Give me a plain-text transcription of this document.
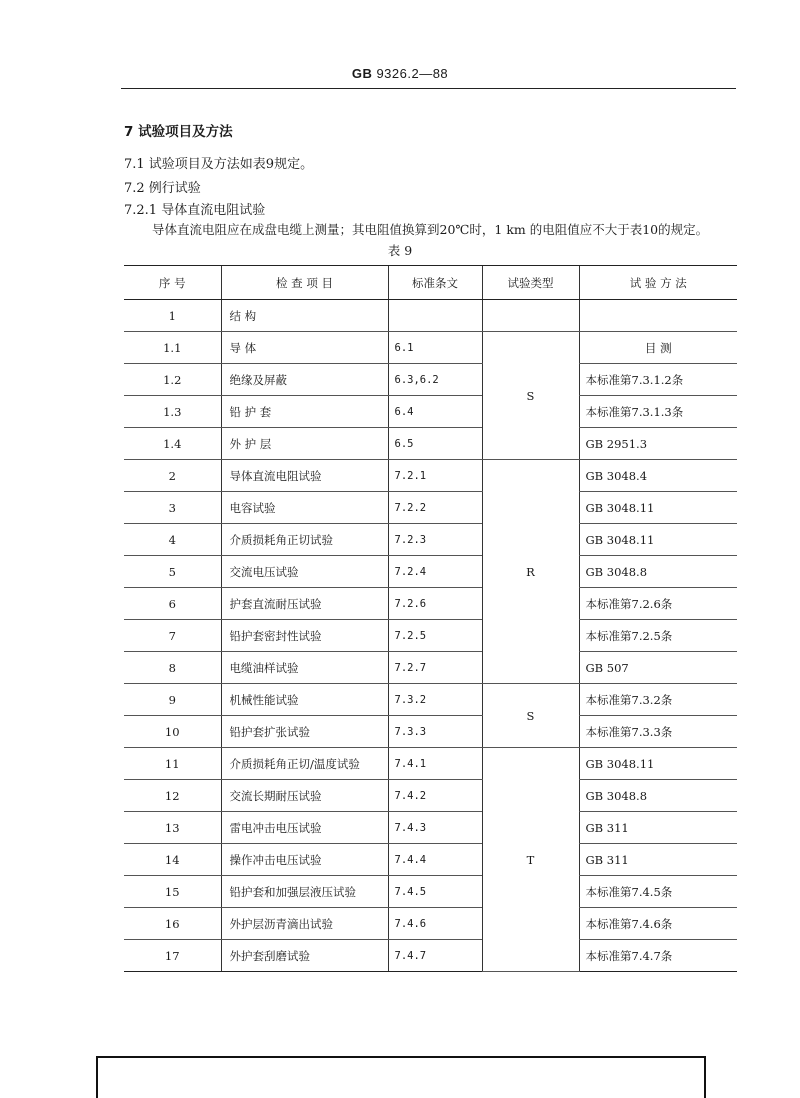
GB 9326.2—88
7 试验项目及方法
7.1 试验项目及方法如表9规定。
7.2 例行试验
7.2.1 导体直流电阻试验
导体直流电阻应在成盘电缆上测量；其电阻值换算到20℃时，1 km 的电阻值应不大于表10的规定。
表 9
序 号	检 查 项 目	标准条文	试验类型	试 验 方 法
1	结 构			
1.1	导 体	6.1	S	目 测
1.2	绝缘及屏蔽	6.3,6.2		本标准第7.3.1.2条
1.3	铅 护 套	6.4		本标准第7.3.1.3条
1.4	外 护 层	6.5		GB 2951.3
2	导体直流电阻试验	7.2.1	R	GB 3048.4
3	电容试验	7.2.2		GB 3048.11
4	介质损耗角正切试验	7.2.3		GB 3048.11
5	交流电压试验	7.2.4		GB 3048.8
6	护套直流耐压试验	7.2.6		本标准第7.2.6条
7	铅护套密封性试验	7.2.5		本标准第7.2.5条
8	电缆油样试验	7.2.7		GB 507
9	机械性能试验	7.3.2	S	本标准第7.3.2条
10	铅护套扩张试验	7.3.3		本标准第7.3.3条
11	介质损耗角正切/温度试验	7.4.1	T	GB 3048.11
12	交流长期耐压试验	7.4.2		GB 3048.8
13	雷电冲击电压试验	7.4.3		GB 311
14	操作冲击电压试验	7.4.4		GB 311
15	铅护套和加强层液压试验	7.4.5		本标准第7.4.5条
16	外护层沥青滴出试验	7.4.6		本标准第7.4.6条
17	外护套刮磨试验	7.4.7		本标准第7.4.7条
